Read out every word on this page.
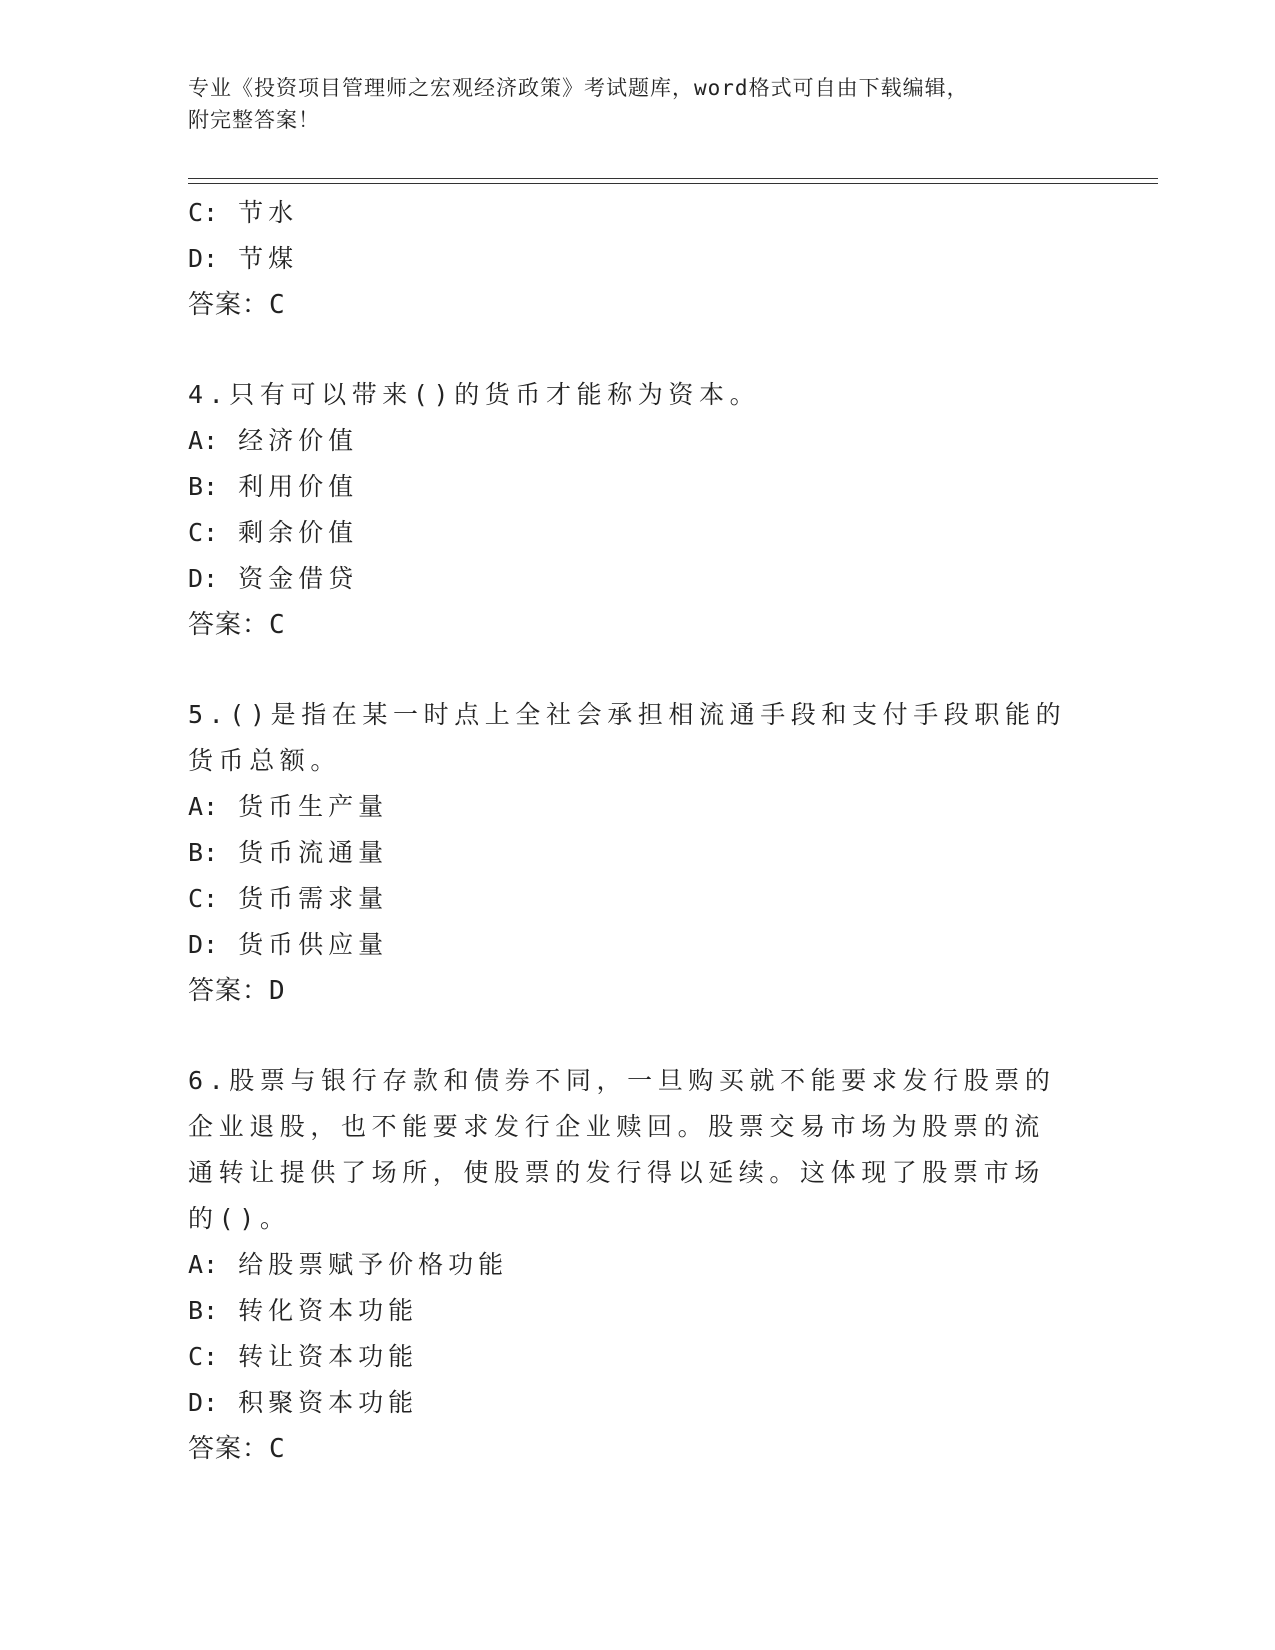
专业《投资项目管理师之宏观经济政策》考试题库，word格式可自由下载编辑，
附完整答案！
C: 节水
D: 节煤
答案：C
4.只有可以带来()的货币才能称为资本。
A: 经济价值
B: 利用价值
C: 剩余价值
D: 资金借贷
答案：C
5.()是指在某一时点上全社会承担相流通手段和支付手段职能的货币总额。
A: 货币生产量
B: 货币流通量
C: 货币需求量
D: 货币供应量
答案：D
6.股票与银行存款和债券不同，一旦购买就不能要求发行股票的企业退股，也不能要求发行企业赎回。股票交易市场为股票的流通转让提供了场所，使股票的发行得以延续。这体现了股票市场的()。
A: 给股票赋予价格功能
B: 转化资本功能
C: 转让资本功能
D: 积聚资本功能
答案：C
